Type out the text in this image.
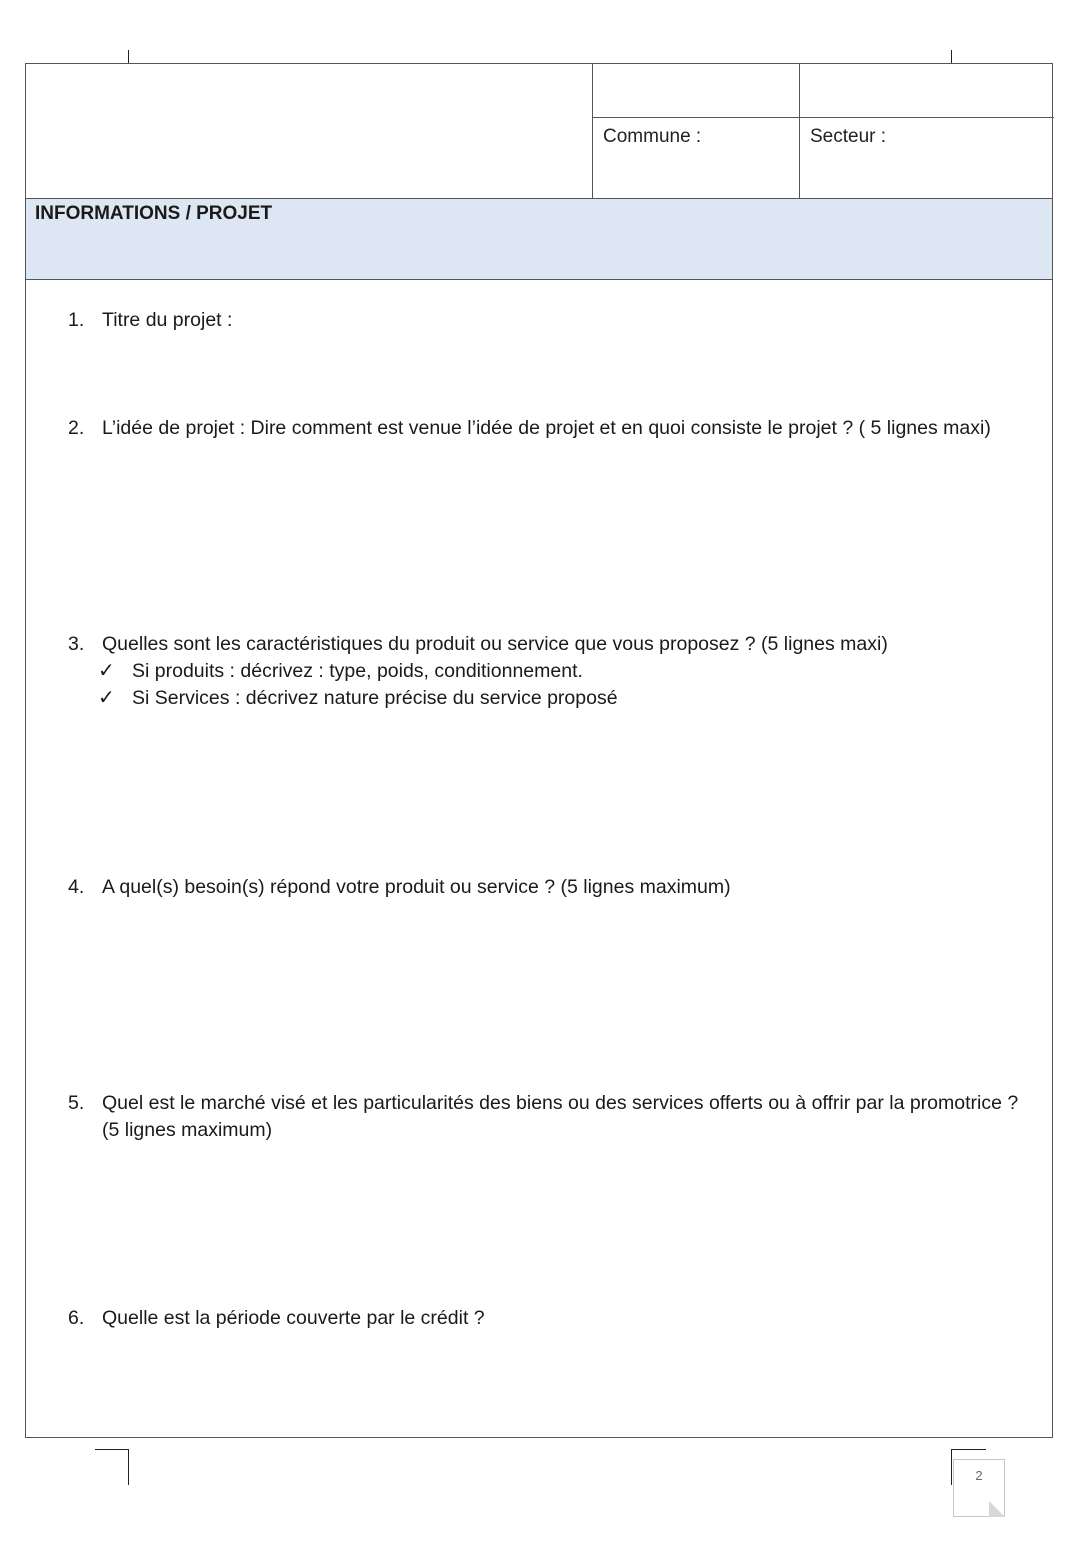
Commune :	Secteur :
INFORMATIONS / PROJET
1. Titre du projet :
2. L’idée de projet : Dire comment est venue l’idée de projet et en quoi consiste le projet ? ( 5 lignes maxi)
3. Quelles sont les caractéristiques du produit ou service que vous proposez ? (5 lignes maxi)
✓ Si produits : décrivez : type, poids, conditionnement.
✓ Si Services : décrivez nature précise du service proposé
4. A quel(s) besoin(s) répond votre produit ou service ? (5 lignes maximum)
5. Quel est le marché visé et les particularités des biens ou des services offerts ou à offrir par la promotrice ?           (5 lignes maximum)
6. Quelle est la période couverte par le crédit ?
2
